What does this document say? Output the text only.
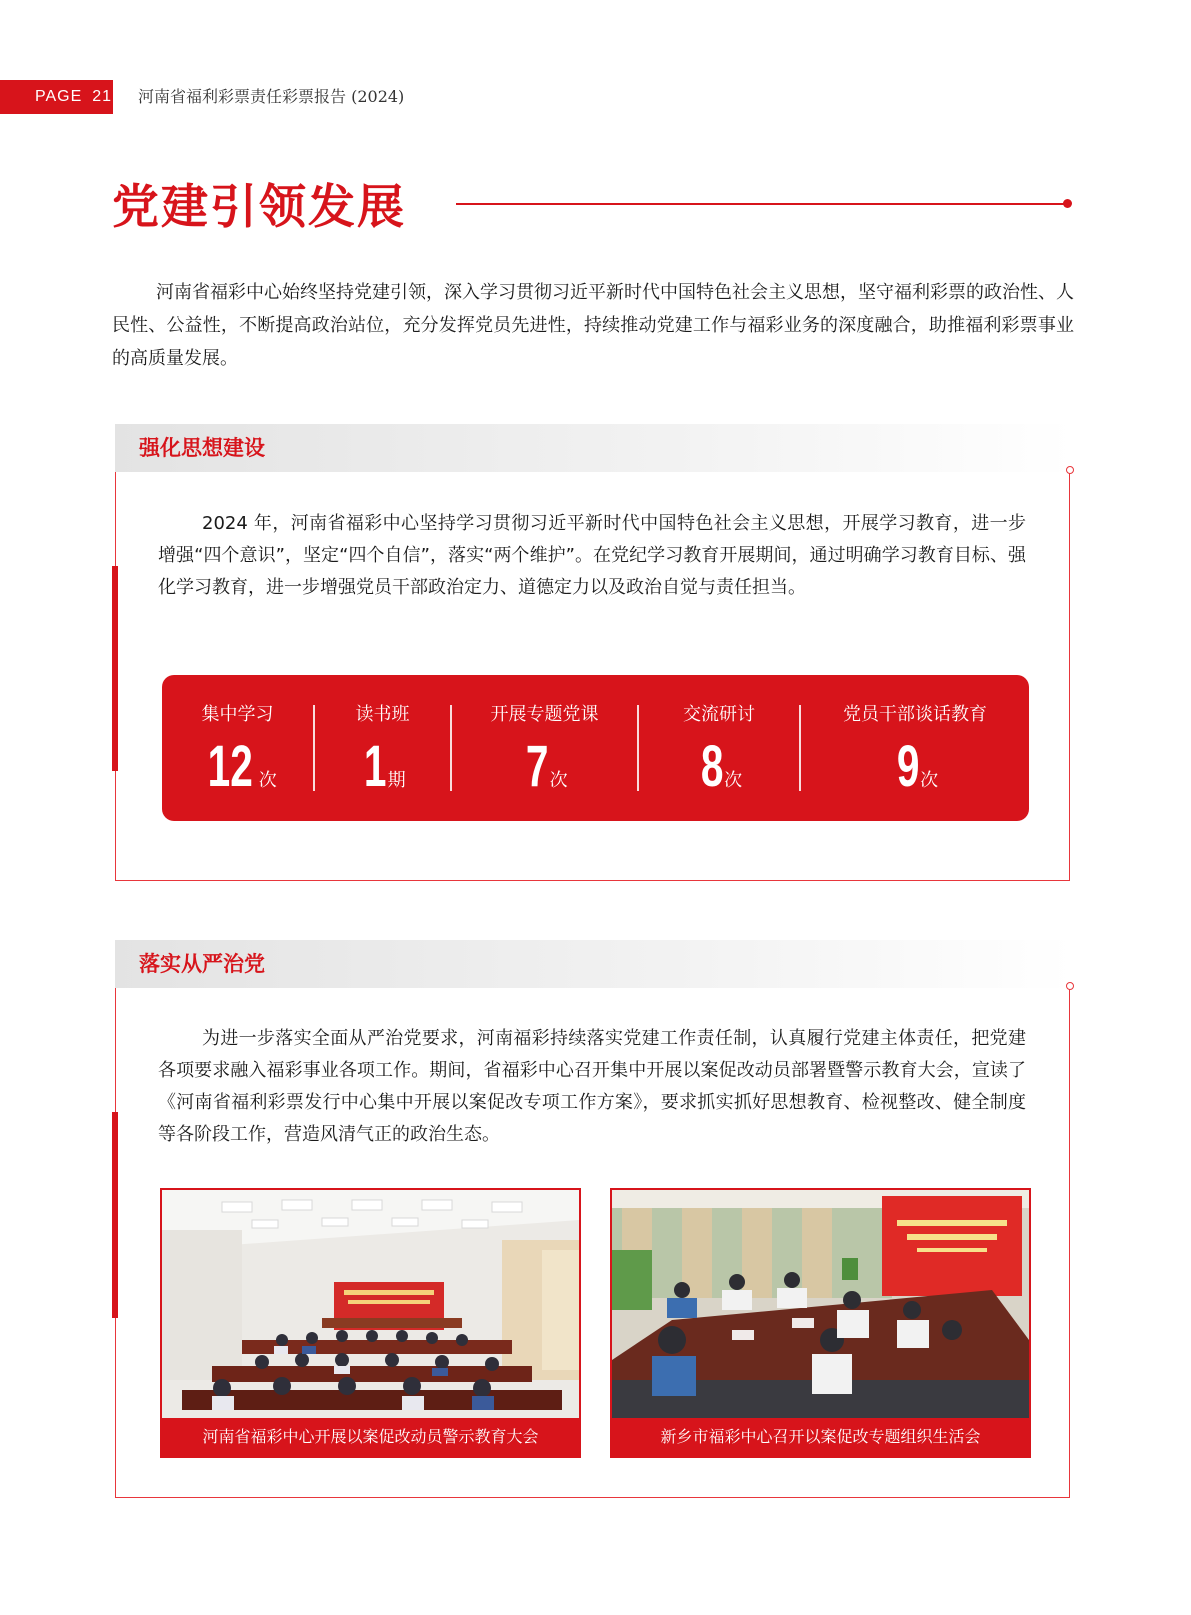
PAGE 21 河南省福利彩票责任彩票报告 (2024)
党建引领发展
河南省福彩中心始终坚持党建引领，深入学习贯彻习近平新时代中国特色社会主义思想，坚守福利彩票的政治性、人民性、公益性，不断提高政治站位，充分发挥党员先进性，持续推动党建工作与福彩业务的深度融合，助推福利彩票事业的高质量发展。
强化思想建设
2024 年，河南省福彩中心坚持学习贯彻习近平新时代中国特色社会主义思想，开展学习教育，进一步增强“四个意识”，坚定“四个自信”，落实“两个维护”。在党纪学习教育开展期间，通过明确学习教育目标、强化学习教育，进一步增强党员干部政治定力、道德定力以及政治自觉与责任担当。
集中学习
12 次
读书班
1 期
开展专题党课
7 次
交流研讨
8 次
党员干部谈话教育
9 次
落实从严治党
为进一步落实全面从严治党要求，河南福彩持续落实党建工作责任制，认真履行党建主体责任，把党建各项要求融入福彩事业各项工作。期间，省福彩中心召开集中开展以案促改动员部署暨警示教育大会，宣读了《河南省福利彩票发行中心集中开展以案促改专项工作方案》，要求抓实抓好思想教育、检视整改、健全制度等各阶段工作，营造风清气正的政治生态。
河南省福彩中心开展以案促改动员警示教育大会	新乡市福彩中心召开以案促改专题组织生活会
